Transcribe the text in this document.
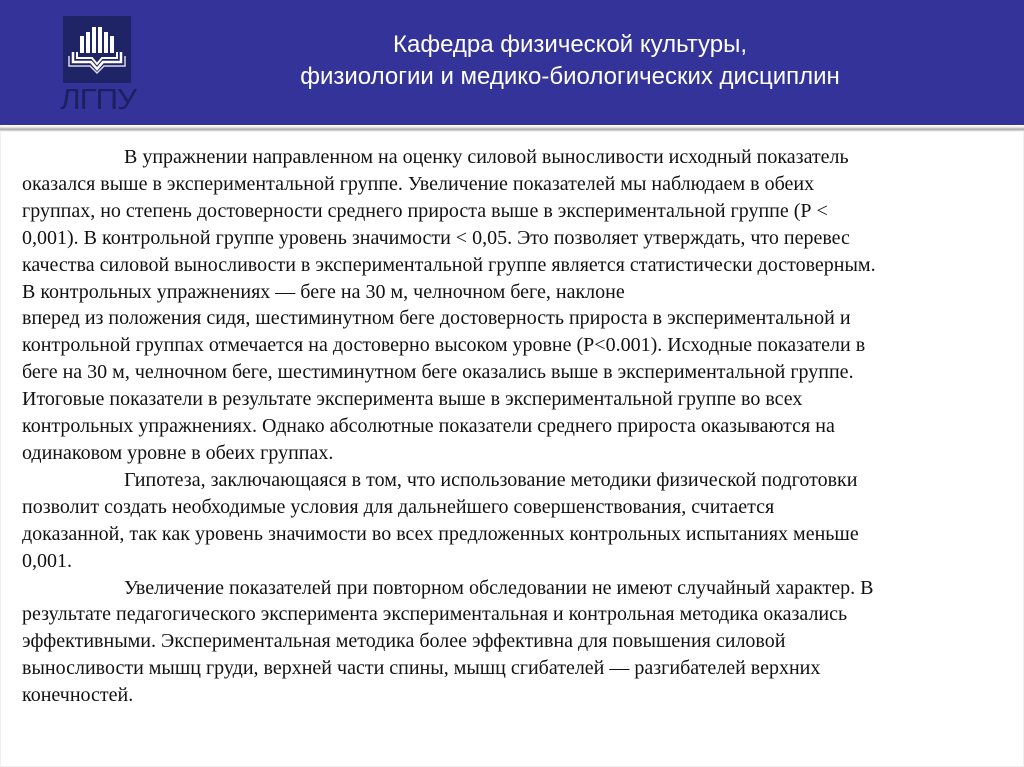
ЛГПУ
Кафедра физической культуры,
физиологии и медико-биологических дисциплин

В упражнении направленном на оценку силовой выносливости исходный показатель
оказался выше в экспериментальной группе. Увеличение показателей мы наблюдаем в обеих
группах, но степень достоверности среднего прироста выше в экспериментальной группе (Р <
0,001). В контрольной группе уровень значимости < 0,05. Это позволяет утверждать, что перевес
качества силовой выносливости в экспериментальной группе является статистически достоверным.
В контрольных упражнениях — беге на 30 м, челночном беге, наклоне
вперед из положения сидя, шестиминутном беге достоверность прироста в экспериментальной и
контрольной группах отмечается на достоверно высоком уровне (P<0.001). Исходные показатели в
беге на 30 м, челночном беге, шестиминутном беге оказались выше в экспериментальной группе.
Итоговые показатели в результате эксперимента выше в экспериментальной группе во всех
контрольных упражнениях. Однако абсолютные показатели среднего прироста оказываются на
одинаковом уровне в обеих группах.

Гипотеза, заключающаяся в том, что использование методики физической подготовки
позволит создать необходимые условия для дальнейшего совершенствования, считается
доказанной, так как уровень значимости во всех предложенных контрольных испытаниях меньше
0,001.

Увеличение показателей при повторном обследовании не имеют случайный характер. В
результате педагогического эксперимента экспериментальная и контрольная методика оказались
эффективными. Экспериментальная методика более эффективна для повышения силовой
выносливости мышц груди, верхней части спины, мышц сгибателей — разгибателей верхних
конечностей.
